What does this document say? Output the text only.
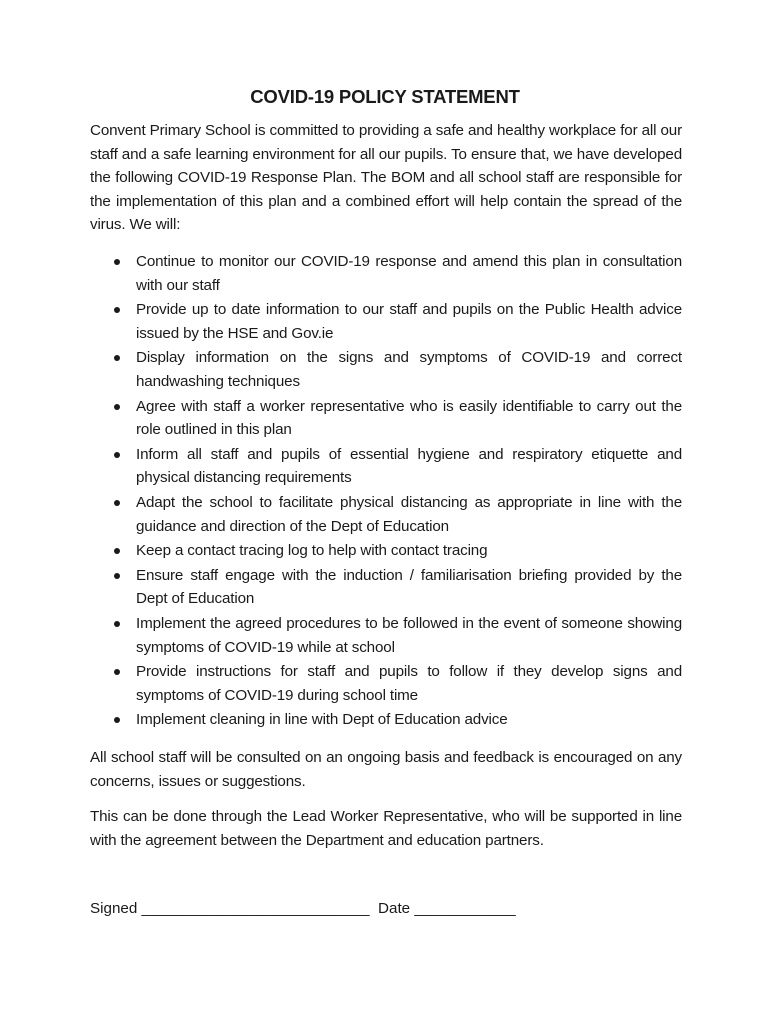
COVID-19 POLICY STATEMENT

Convent Primary School is committed to providing a safe and healthy workplace for all our staff and a safe learning environment for all our pupils. To ensure that, we have developed the following COVID-19 Response Plan. The BOM and all school staff are responsible for the implementation of this plan and a combined effort will help contain the spread of the virus. We will:

Continue to monitor our COVID-19 response and amend this plan in consultation with our staff
Provide up to date information to our staff and pupils on the Public Health advice issued by the HSE and Gov.ie
Display information on the signs and symptoms of COVID-19 and correct handwashing techniques
Agree with staff a worker representative who is easily identifiable to carry out the role outlined in this plan
Inform all staff and pupils of essential hygiene and respiratory etiquette and physical distancing requirements
Adapt the school to facilitate physical distancing as appropriate in line with the guidance and direction of the Dept of Education
Keep a contact tracing log to help with contact tracing
Ensure staff engage with the induction / familiarisation briefing provided by the Dept of Education
Implement the agreed procedures to be followed in the event of someone showing symptoms of COVID-19 while at school
Provide instructions for staff and pupils to follow if they develop signs and symptoms of COVID-19 during school time
Implement cleaning in line with Dept of Education advice

All school staff will be consulted on an ongoing basis and feedback is encouraged on any concerns, issues or suggestions.

This can be done through the Lead Worker Representative, who will be supported in line with the agreement between the Department and education partners.

Signed ___________________________ Date ____________
